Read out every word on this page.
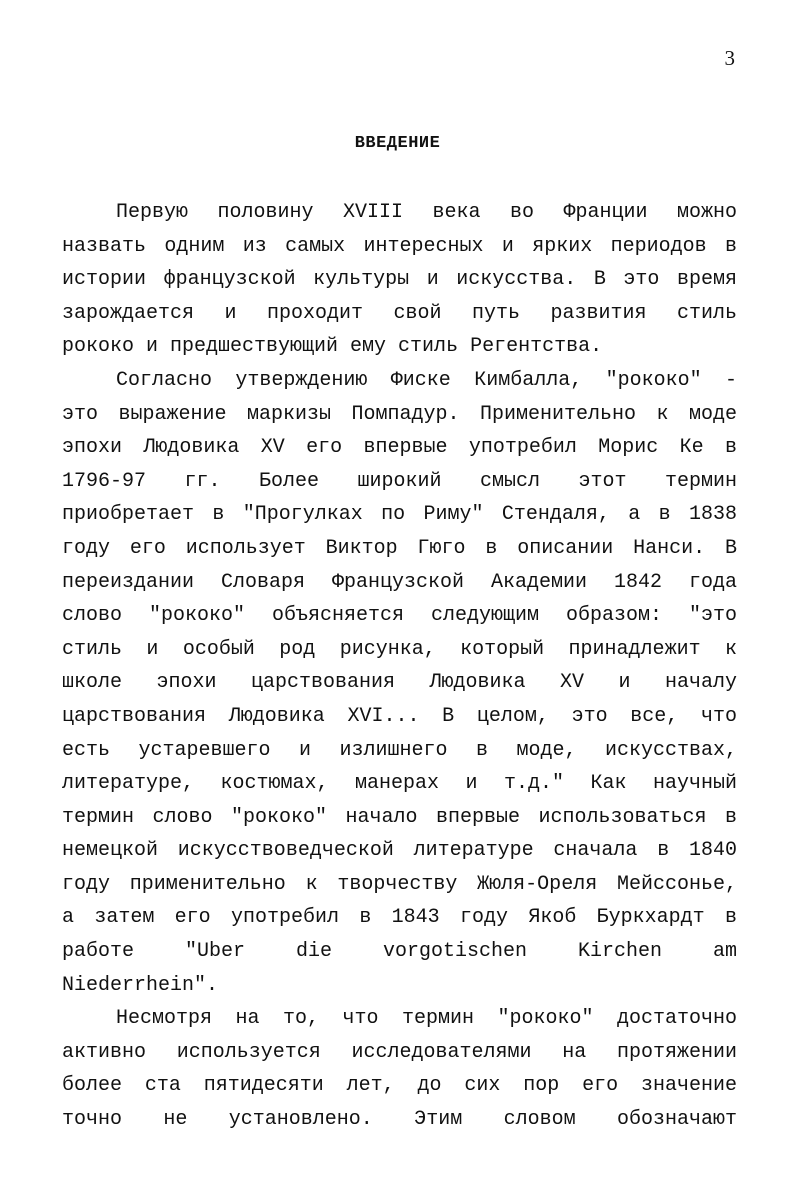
3
ВВЕДЕНИЕ
Первую половину XVIII века во Франции можно
назвать одним из самых интересных и ярких периодов в
истории французской культуры и искусства. В это время
зарождается и проходит свой путь развития стиль
рококо и предшествующий ему стиль Регентства.
Согласно утверждению Фиске Кимбалла, "рококо" -
это выражение маркизы Помпадур. Применительно к моде
эпохи Людовика XV его впервые употребил Морис Ке в
1796-97 гг. Более широкий смысл этот термин
приобретает в "Прогулках по Риму" Стендаля, а в 1838
году его использует Виктор Гюго в описании Нанси. В
переиздании Словаря Французской Академии 1842 года
слово "рококо" объясняется следующим образом: "это
стиль и особый род рисунка, который принадлежит к
школе эпохи царствования Людовика XV и началу
царствования Людовика XVI... В целом, это все, что
есть устаревшего и излишнего в моде, искусствах,
литературе, костюмах, манерах и т.д." Как научный
термин слово "рококо" начало впервые использоваться в
немецкой искусствоведческой литературе сначала в 1840
году применительно к творчеству Жюля-Ореля Мейссонье,
а затем его употребил в 1843 году Якоб Буркхардт в
работе "Uber die vorgotischen Kirchen am
Niederrhein".
Несмотря на то, что термин "рококо" достаточно
активно используется исследователями на протяжении
более ста пятидесяти лет, до сих пор его значение
точно не установлено. Этим словом обозначают
